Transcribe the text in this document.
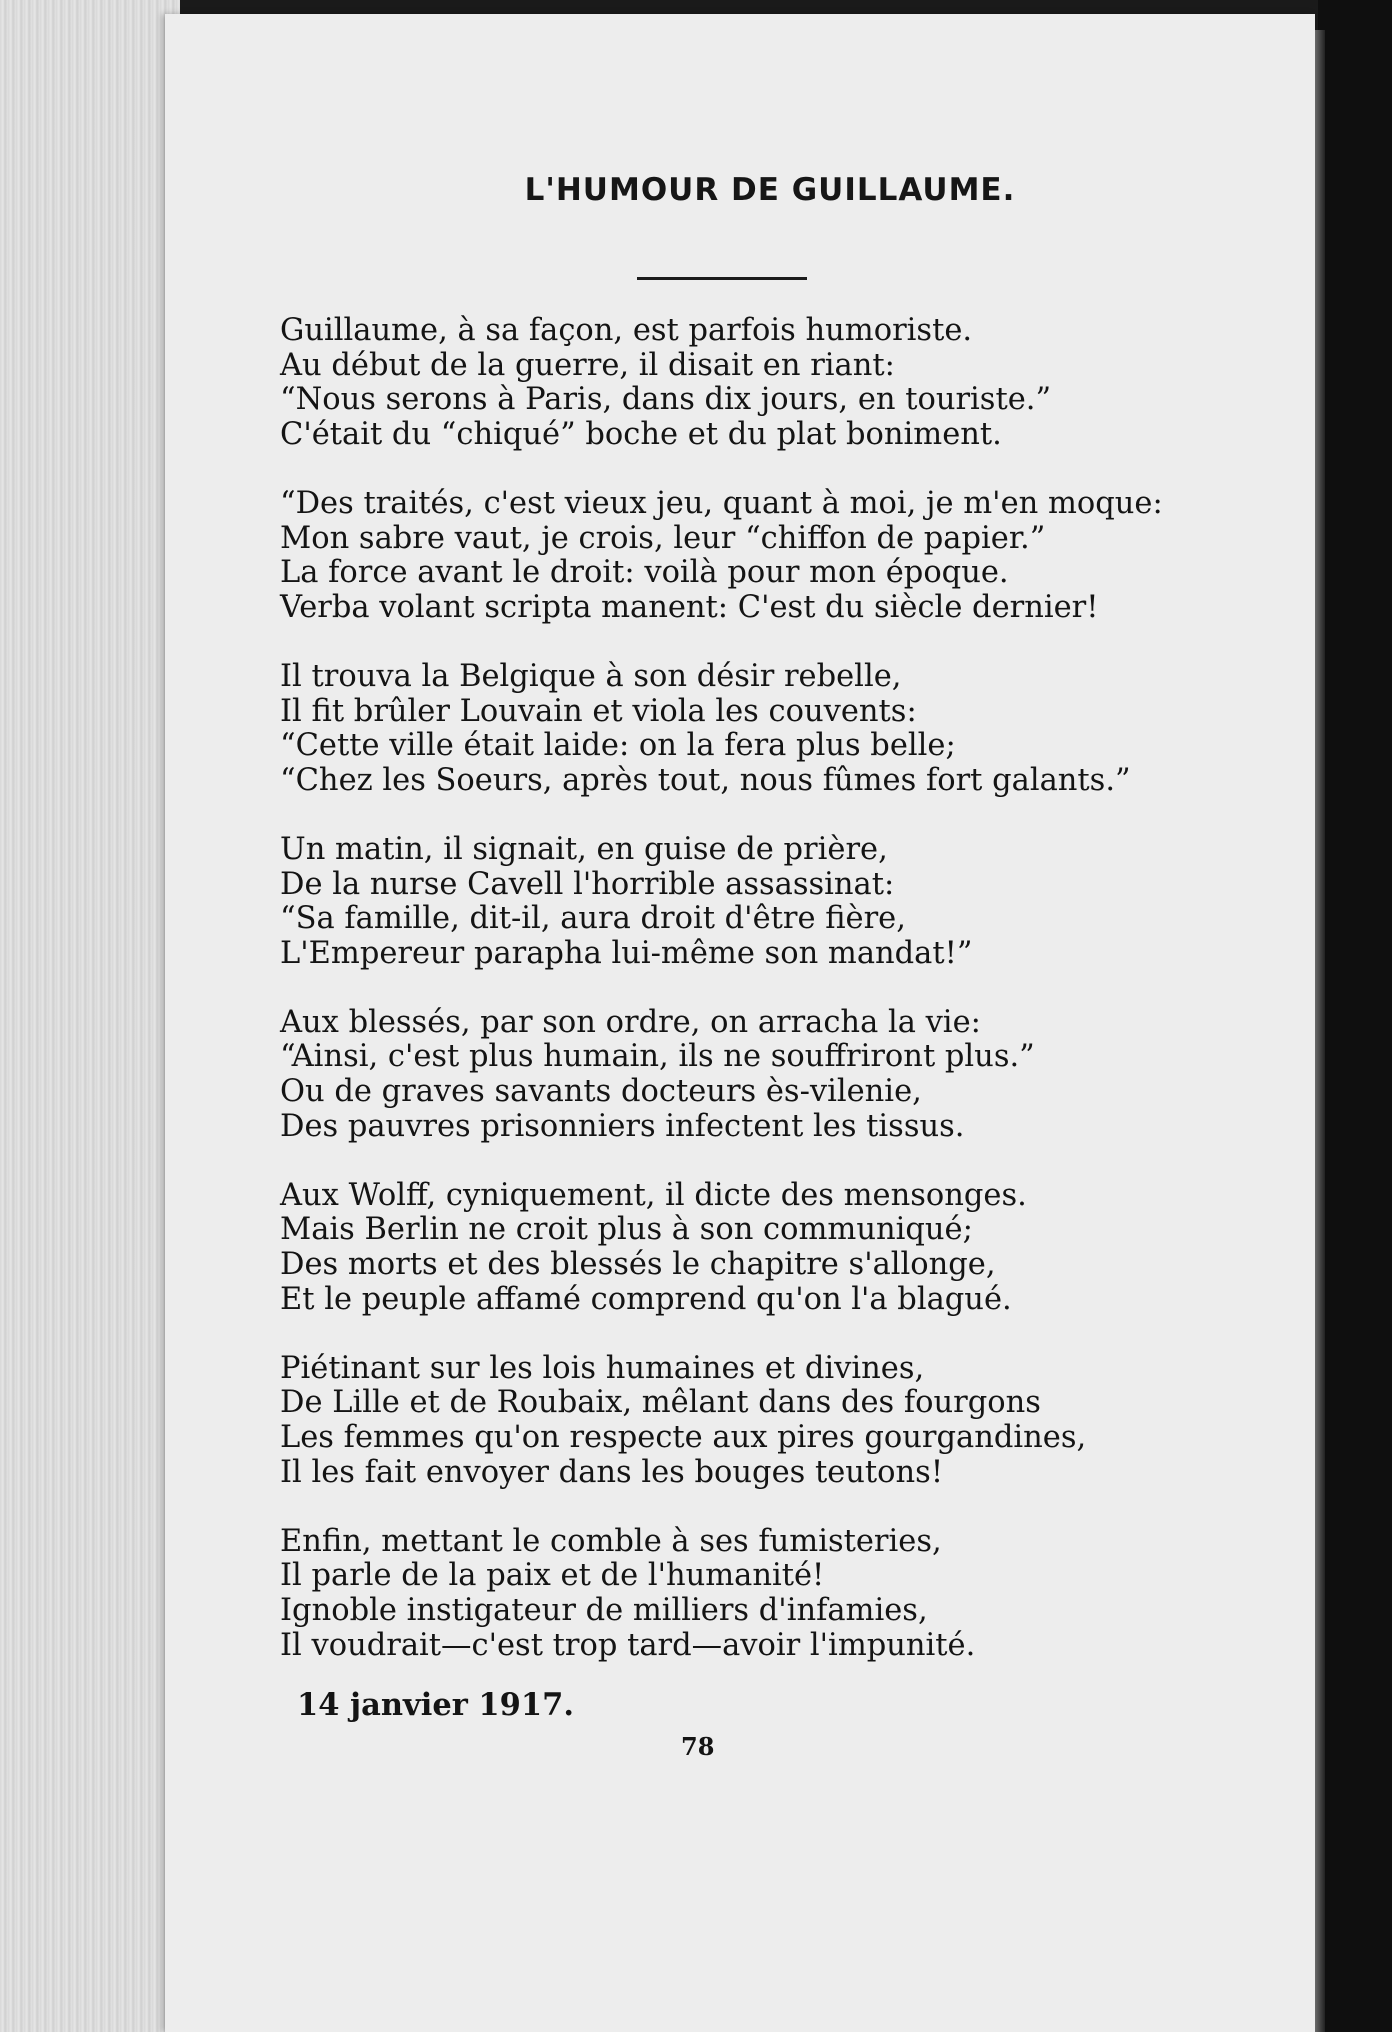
L'HUMOUR DE GUILLAUME.
Guillaume, à sa façon, est parfois humoriste.
Au début de la guerre, il disait en riant:
“Nous serons à Paris, dans dix jours, en touriste.”
C'était du “chiqué” boche et du plat boniment.
“Des traités, c'est vieux jeu, quant à moi, je m'en moque:
Mon sabre vaut, je crois, leur “chiffon de papier.”
La force avant le droit: voilà pour mon époque.
Verba volant scripta manent: C'est du siècle dernier!
Il trouva la Belgique à son désir rebelle,
Il fit brûler Louvain et viola les couvents:
“Cette ville était laide: on la fera plus belle;
“Chez les Soeurs, après tout, nous fûmes fort galants.”
Un matin, il signait, en guise de prière,
De la nurse Cavell l'horrible assassinat:
“Sa famille, dit-il, aura droit d'être fière,
L'Empereur parapha lui-même son mandat!”
Aux blessés, par son ordre, on arracha la vie:
“Ainsi, c'est plus humain, ils ne souffriront plus.”
Ou de graves savants docteurs ès-vilenie,
Des pauvres prisonniers infectent les tissus.
Aux Wolff, cyniquement, il dicte des mensonges.
Mais Berlin ne croit plus à son communiqué;
Des morts et des blessés le chapitre s'allonge,
Et le peuple affamé comprend qu'on l'a blagué.
Piétinant sur les lois humaines et divines,
De Lille et de Roubaix, mêlant dans des fourgons
Les femmes qu'on respecte aux pires gourgandines,
Il les fait envoyer dans les bouges teutons!
Enfin, mettant le comble à ses fumisteries,
Il parle de la paix et de l'humanité!
Ignoble instigateur de milliers d'infamies,
Il voudrait—c'est trop tard—avoir l'impunité.
14 janvier 1917.
78
